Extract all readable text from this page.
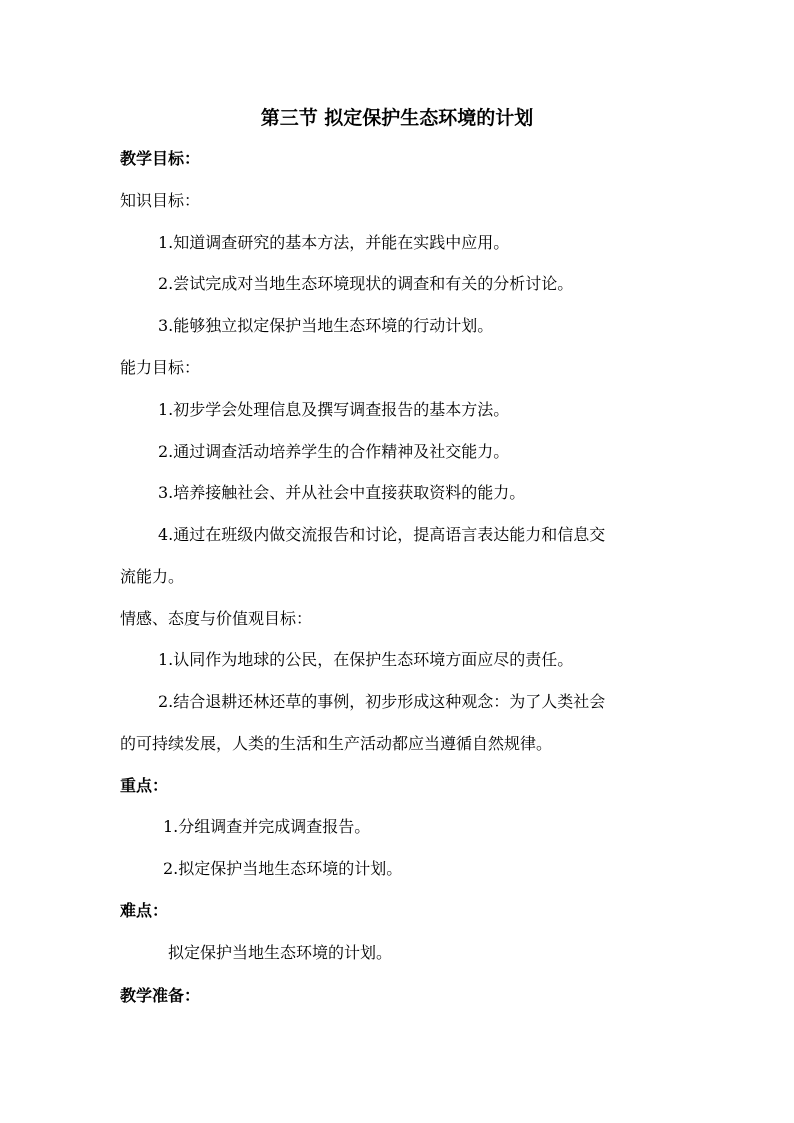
第三节 拟定保护生态环境的计划
教学目标：
知识目标：
1.知道调查研究的基本方法，并能在实践中应用。
2.尝试完成对当地生态环境现状的调查和有关的分析讨论。
3.能够独立拟定保护当地生态环境的行动计划。
能力目标：
1.初步学会处理信息及撰写调查报告的基本方法。
2.通过调查活动培养学生的合作精神及社交能力。
3.培养接触社会、并从社会中直接获取资料的能力。
4.通过在班级内做交流报告和讨论，提高语言表达能力和信息交
流能力。
情感、态度与价值观目标：
1.认同作为地球的公民，在保护生态环境方面应尽的责任。
2.结合退耕还林还草的事例，初步形成这种观念：为了人类社会
的可持续发展，人类的生活和生产活动都应当遵循自然规律。
重点：
1.分组调查并完成调查报告。
2.拟定保护当地生态环境的计划。
难点：
拟定保护当地生态环境的计划。
教学准备：
